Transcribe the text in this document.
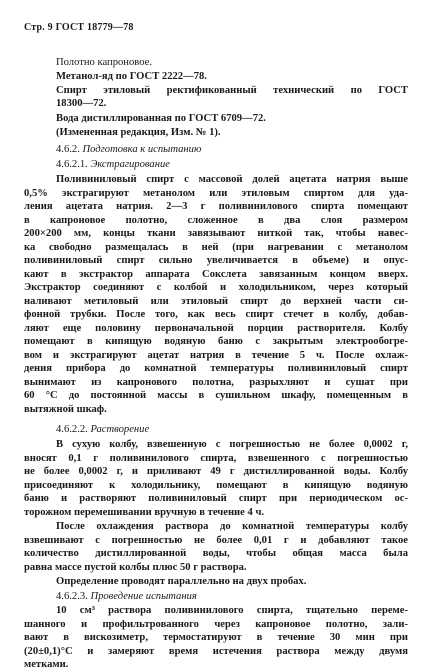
Стр. 9 ГОСТ 18779—78
Полотно капроновое.
Метанол-яд по ГОСТ 2222—78.
Спирт этиловый ректификованный технический по ГОСТ
18300—72.
Вода дистиллированная по ГОСТ 6709—72.
(Измененная редакция, Изм. № 1).
4.6.2. Подготовка к испытанию
4.6.2.1. Экстрагирование
Поливиниловый спирт с массовой долей ацетата натрия выше
0,5% экстрагируют метанолом или этиловым спиртом для уда-
ления ацетата натрия. 2—3 г поливинилового спирта помещают
в капроновое полотно, сложенное в два слоя размером
200×200 мм, концы ткани завязывают ниткой так, чтобы навес-
ка свободно размещалась в ней (при нагревании с метанолом
поливиниловый спирт сильно увеличивается в объеме) и опус-
кают в экстрактор аппарата Сокслета завязанным концом вверх.
Экстрактор соединяют с колбой и холодильником, через который
наливают метиловый или этиловый спирт до верхней части си-
фонной трубки. После того, как весь спирт стечет в колбу, добав-
ляют еще половину первоначальной порции растворителя. Колбу
помещают в кипящую водяную баню с закрытым электрообогре-
вом и экстрагируют ацетат натрия в течение 5 ч. После охлаж-
дения прибора до комнатной температуры поливиниловый спирт
вынимают из капронового полотна, разрыхляют и сушат при
60 °С до постоянной массы в сушильном шкафу, помещенным в
вытяжной шкаф.
4.6.2.2. Растворение
В сухую колбу, взвешенную с погрешностью не более 0,0002 г,
вносят 0,1 г поливинилового спирта, взвешенного с погрешностью
не более 0,0002 г, и приливают 49 г дистиллированной воды. Колбу
присоединяют к холодильнику, помещают в кипящую водяную
баню и растворяют поливиниловый спирт при периодическом ос-
торожном перемешивании вручную в течение 4 ч.
После охлаждения раствора до комнатной температуры колбу
взвешивают с погрешностью не более 0,01 г и добавляют такое
количество дистиллированной воды, чтобы общая масса была
равна массе пустой колбы плюс 50 г раствора.
Определение проводят параллельно на двух пробах.
4.6.2.3. Проведение испытания
10 см³ раствора поливинилового спирта, тщательно переме-
шанного и профильтрованного через капроновое полотно, зали-
вают в вискозиметр, термостатируют в течение 30 мин при
(20±0,1)°С и замеряют время истечения раствора между двумя
метками.
